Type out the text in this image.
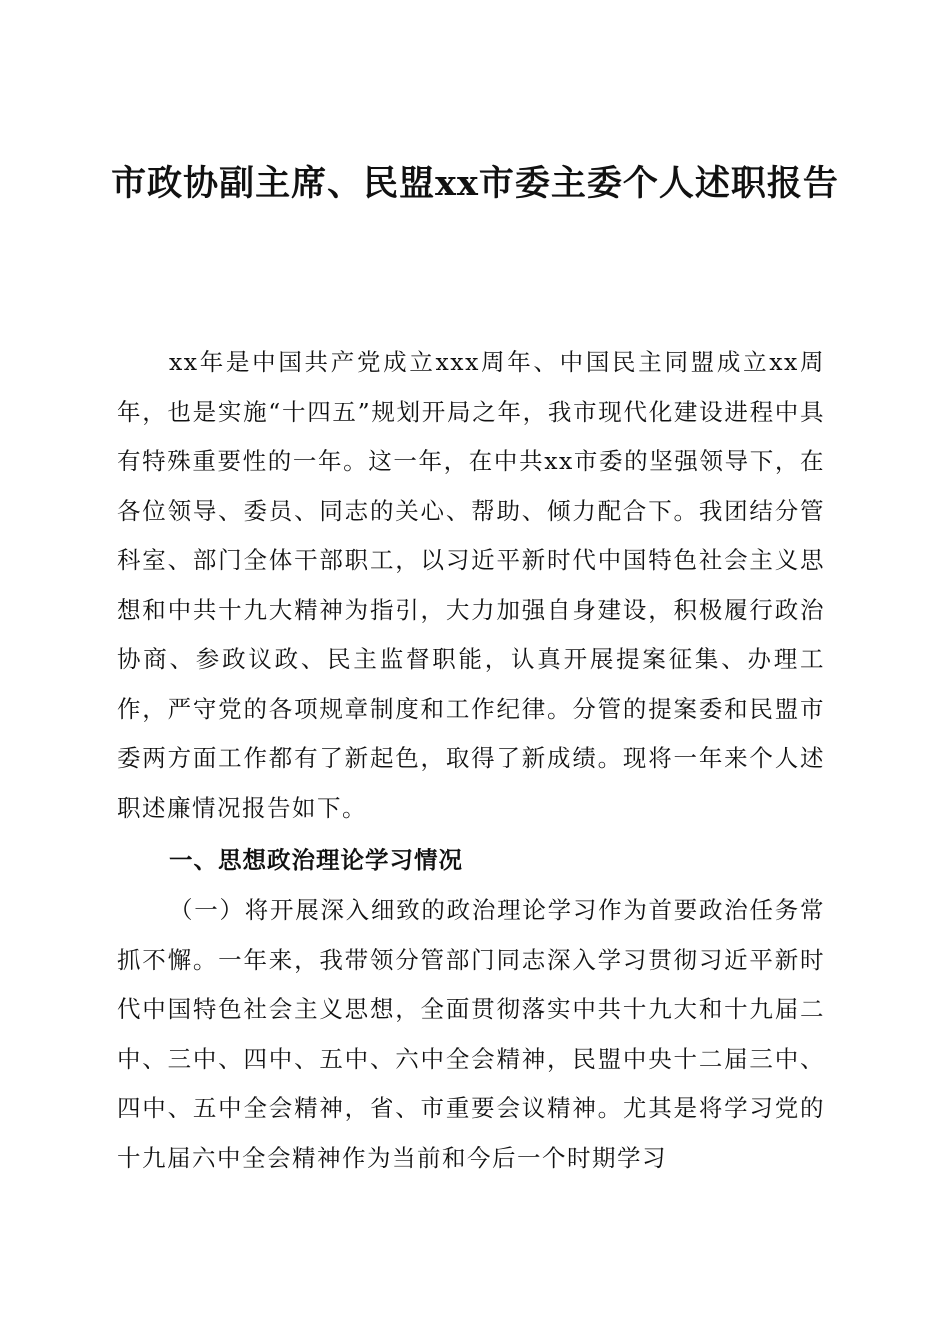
市政协副主席、民盟xx市委主委个人述职报告

xx年是中国共产党成立xxx周年、中国民主同盟成立xx周年，也是实施“十四五”规划开局之年，我市现代化建设进程中具有特殊重要性的一年。这一年，在中共xx市委的坚强领导下，在各位领导、委员、同志的关心、帮助、倾力配合下。我团结分管科室、部门全体干部职工，以习近平新时代中国特色社会主义思想和中共十九大精神为指引，大力加强自身建设，积极履行政治协商、参政议政、民主监督职能，认真开展提案征集、办理工作，严守党的各项规章制度和工作纪律。分管的提案委和民盟市委两方面工作都有了新起色，取得了新成绩。现将一年来个人述职述廉情况报告如下。

一、思想政治理论学习情况

（一）将开展深入细致的政治理论学习作为首要政治任务常抓不懈。一年来，我带领分管部门同志深入学习贯彻习近平新时代中国特色社会主义思想，全面贯彻落实中共十九大和十九届二中、三中、四中、五中、六中全会精神，民盟中央十二届三中、四中、五中全会精神，省、市重要会议精神。尤其是将学习党的十九届六中全会精神作为当前和今后一个时期学习
